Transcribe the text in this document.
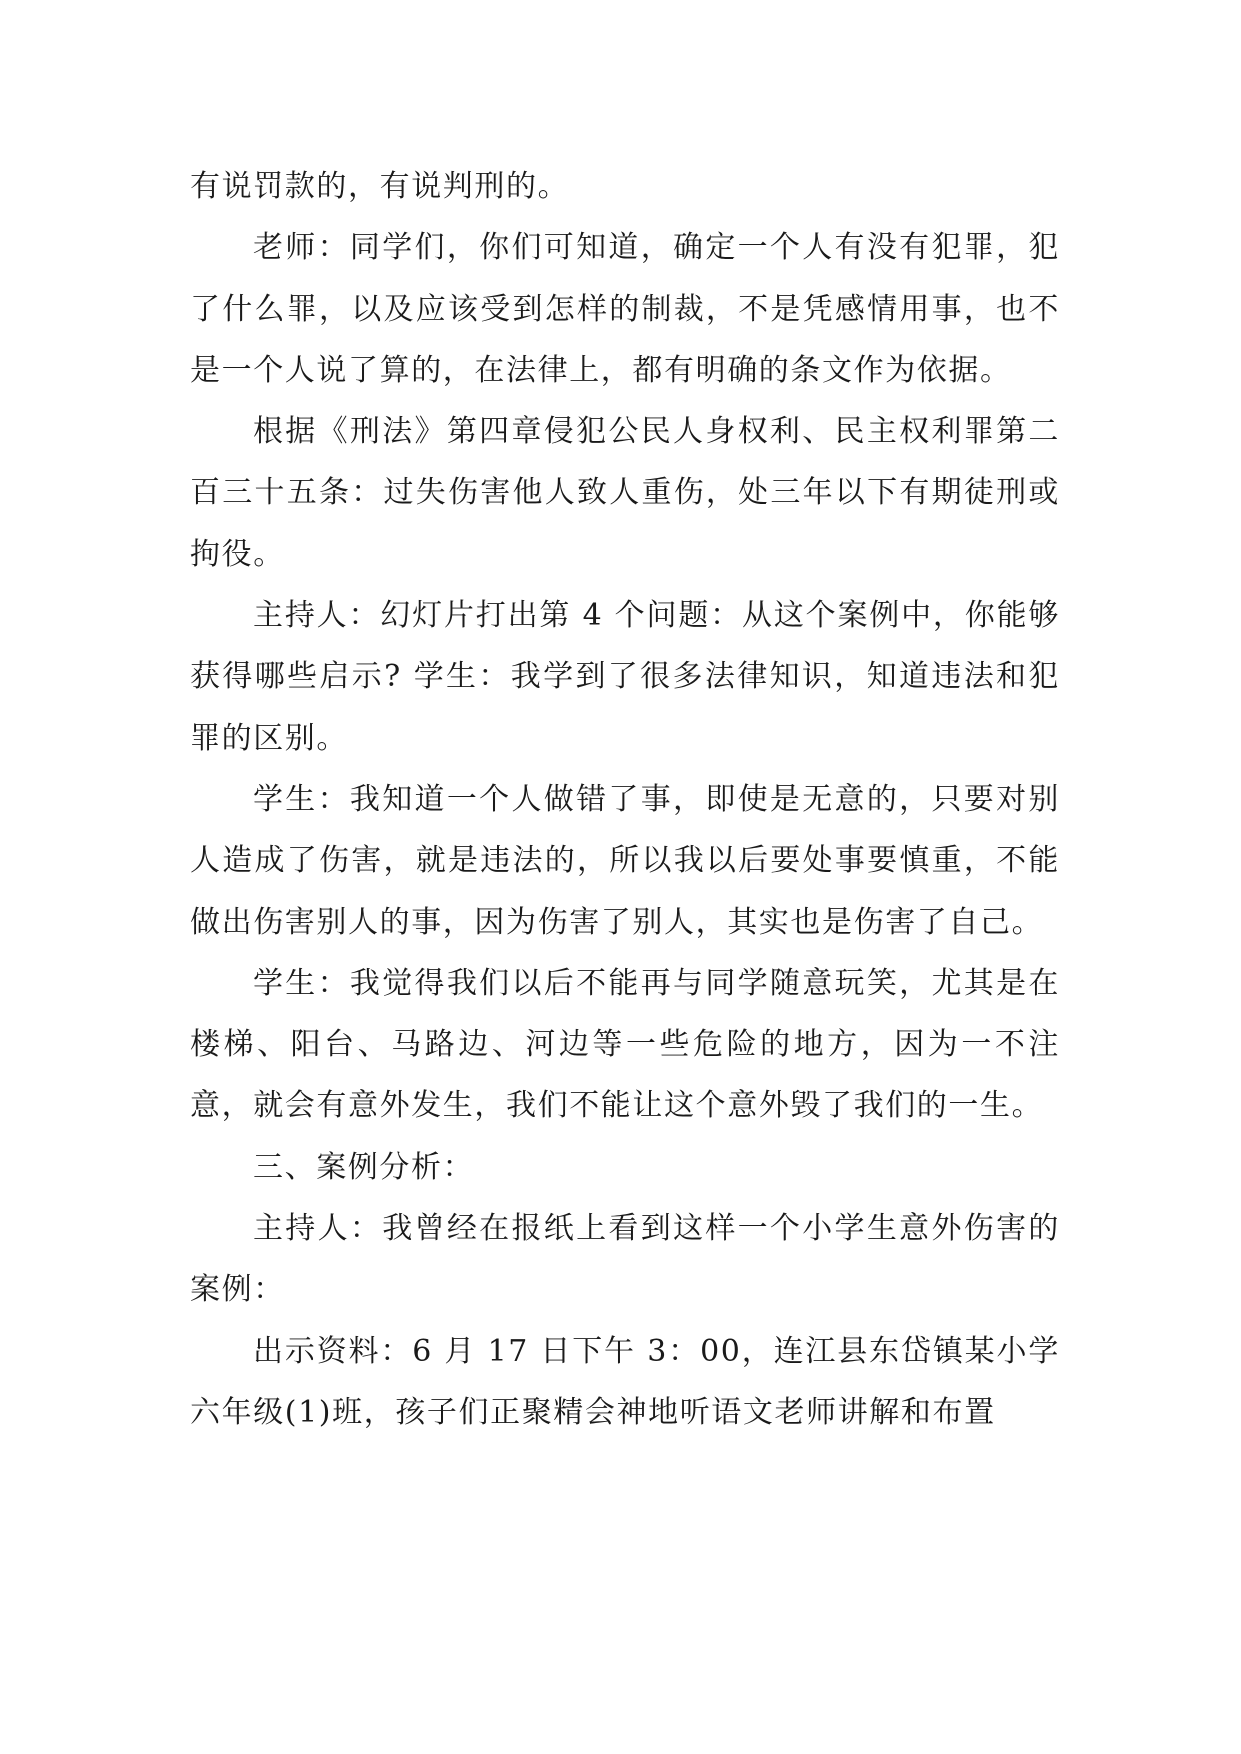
有说罚款的，有说判刑的。

老师：同学们，你们可知道，确定一个人有没有犯罪，犯了什么罪，以及应该受到怎样的制裁，不是凭感情用事，也不是一个人说了算的，在法律上，都有明确的条文作为依据。

根据《刑法》第四章侵犯公民人身权利、民主权利罪第二百三十五条：过失伤害他人致人重伤，处三年以下有期徒刑或拘役。

主持人：幻灯片打出第 4 个问题：从这个案例中，你能够获得哪些启示? 学生：我学到了很多法律知识，知道违法和犯罪的区别。

学生：我知道一个人做错了事，即使是无意的，只要对别人造成了伤害，就是违法的，所以我以后要处事要慎重，不能做出伤害别人的事，因为伤害了别人，其实也是伤害了自己。

学生：我觉得我们以后不能再与同学随意玩笑，尤其是在楼梯、阳台、马路边、河边等一些危险的地方，因为一不注意，就会有意外发生，我们不能让这个意外毁了我们的一生。

三、案例分析：

主持人：我曾经在报纸上看到这样一个小学生意外伤害的案例：

出示资料：6 月 17 日下午 3：00，连江县东岱镇某小学六年级(1)班，孩子们正聚精会神地听语文老师讲解和布置
